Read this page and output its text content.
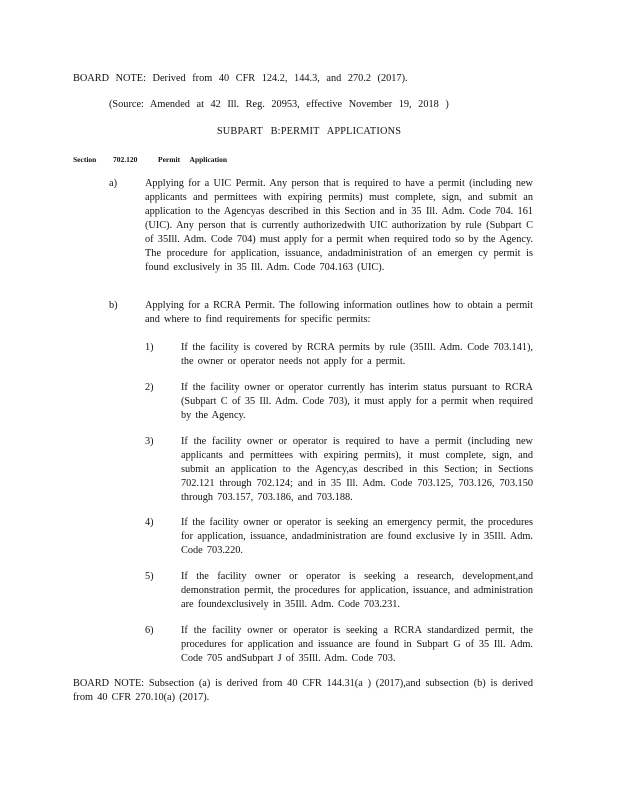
BOARD NOTE: Derived from 40 CFR 124.2, 144.3, and 270.2 (2017).
(Source: Amended at 42 Ill. Reg. 20953, effective November 19, 2018 )
SUBPART B:PERMIT APPLICATIONS
Section	702.120	Permit Application
a)	Applying for a UIC Permit. Any person that is required to have a permit (including new applicants and permittees with expiring permits) must complete, sign, and submit an application to the Agencyas described in this Section and in 35 Ill. Adm. Code 704. 161 (UIC). Any person that is currently authorizedwith UIC authorization by rule (Subpart C of 35Ill. Adm. Code 704) must apply for a permit when required todo so by the Agency. The procedure for application, issuance, andadministration of an emergen cy permit is found exclusively in 35 Ill. Adm. Code 704.163 (UIC).
b)	Applying for a RCRA Permit. The following information outlines how to obtain a permit and where to find requirements for specific permits:
1)	If the facility is covered by RCRA permits by rule (35Ill. Adm. Code 703.141), the owner or operator needs not apply for a permit.
2)	If the facility owner or operator currently has interim status pursuant to RCRA (Subpart C of 35 Ill. Adm. Code 703), it must apply for a permit when required by the Agency.
3)	If the facility owner or operator is required to have a permit (including new applicants and permittees with expiring permits), it must complete, sign, and submit an application to the Agency,as described in this Section; in Sections 702.121 through 702.124; and in 35 Ill. Adm. Code 703.125, 703.126, 703.150 through 703.157, 703.186, and 703.188.
4)	If the facility owner or operator is seeking an emergency permit, the procedures for application, issuance, andadministration are found exclusive ly in 35Ill. Adm. Code 703.220.
5)	If the facility owner or operator is seeking a research, development,and demonstration permit, the procedures for application, issuance, and administration are foundexclusively in 35Ill. Adm. Code 703.231.
6)	If the facility owner or operator is seeking a RCRA standardized permit, the procedures for application and issuance are found in Subpart G of 35 Ill. Adm. Code 705 andSubpart J of 35Ill. Adm. Code 703.
BOARD NOTE: Subsection (a) is derived from 40 CFR 144.31(a ) (2017),and subsection (b) is derived from 40 CFR 270.10(a) (2017).
